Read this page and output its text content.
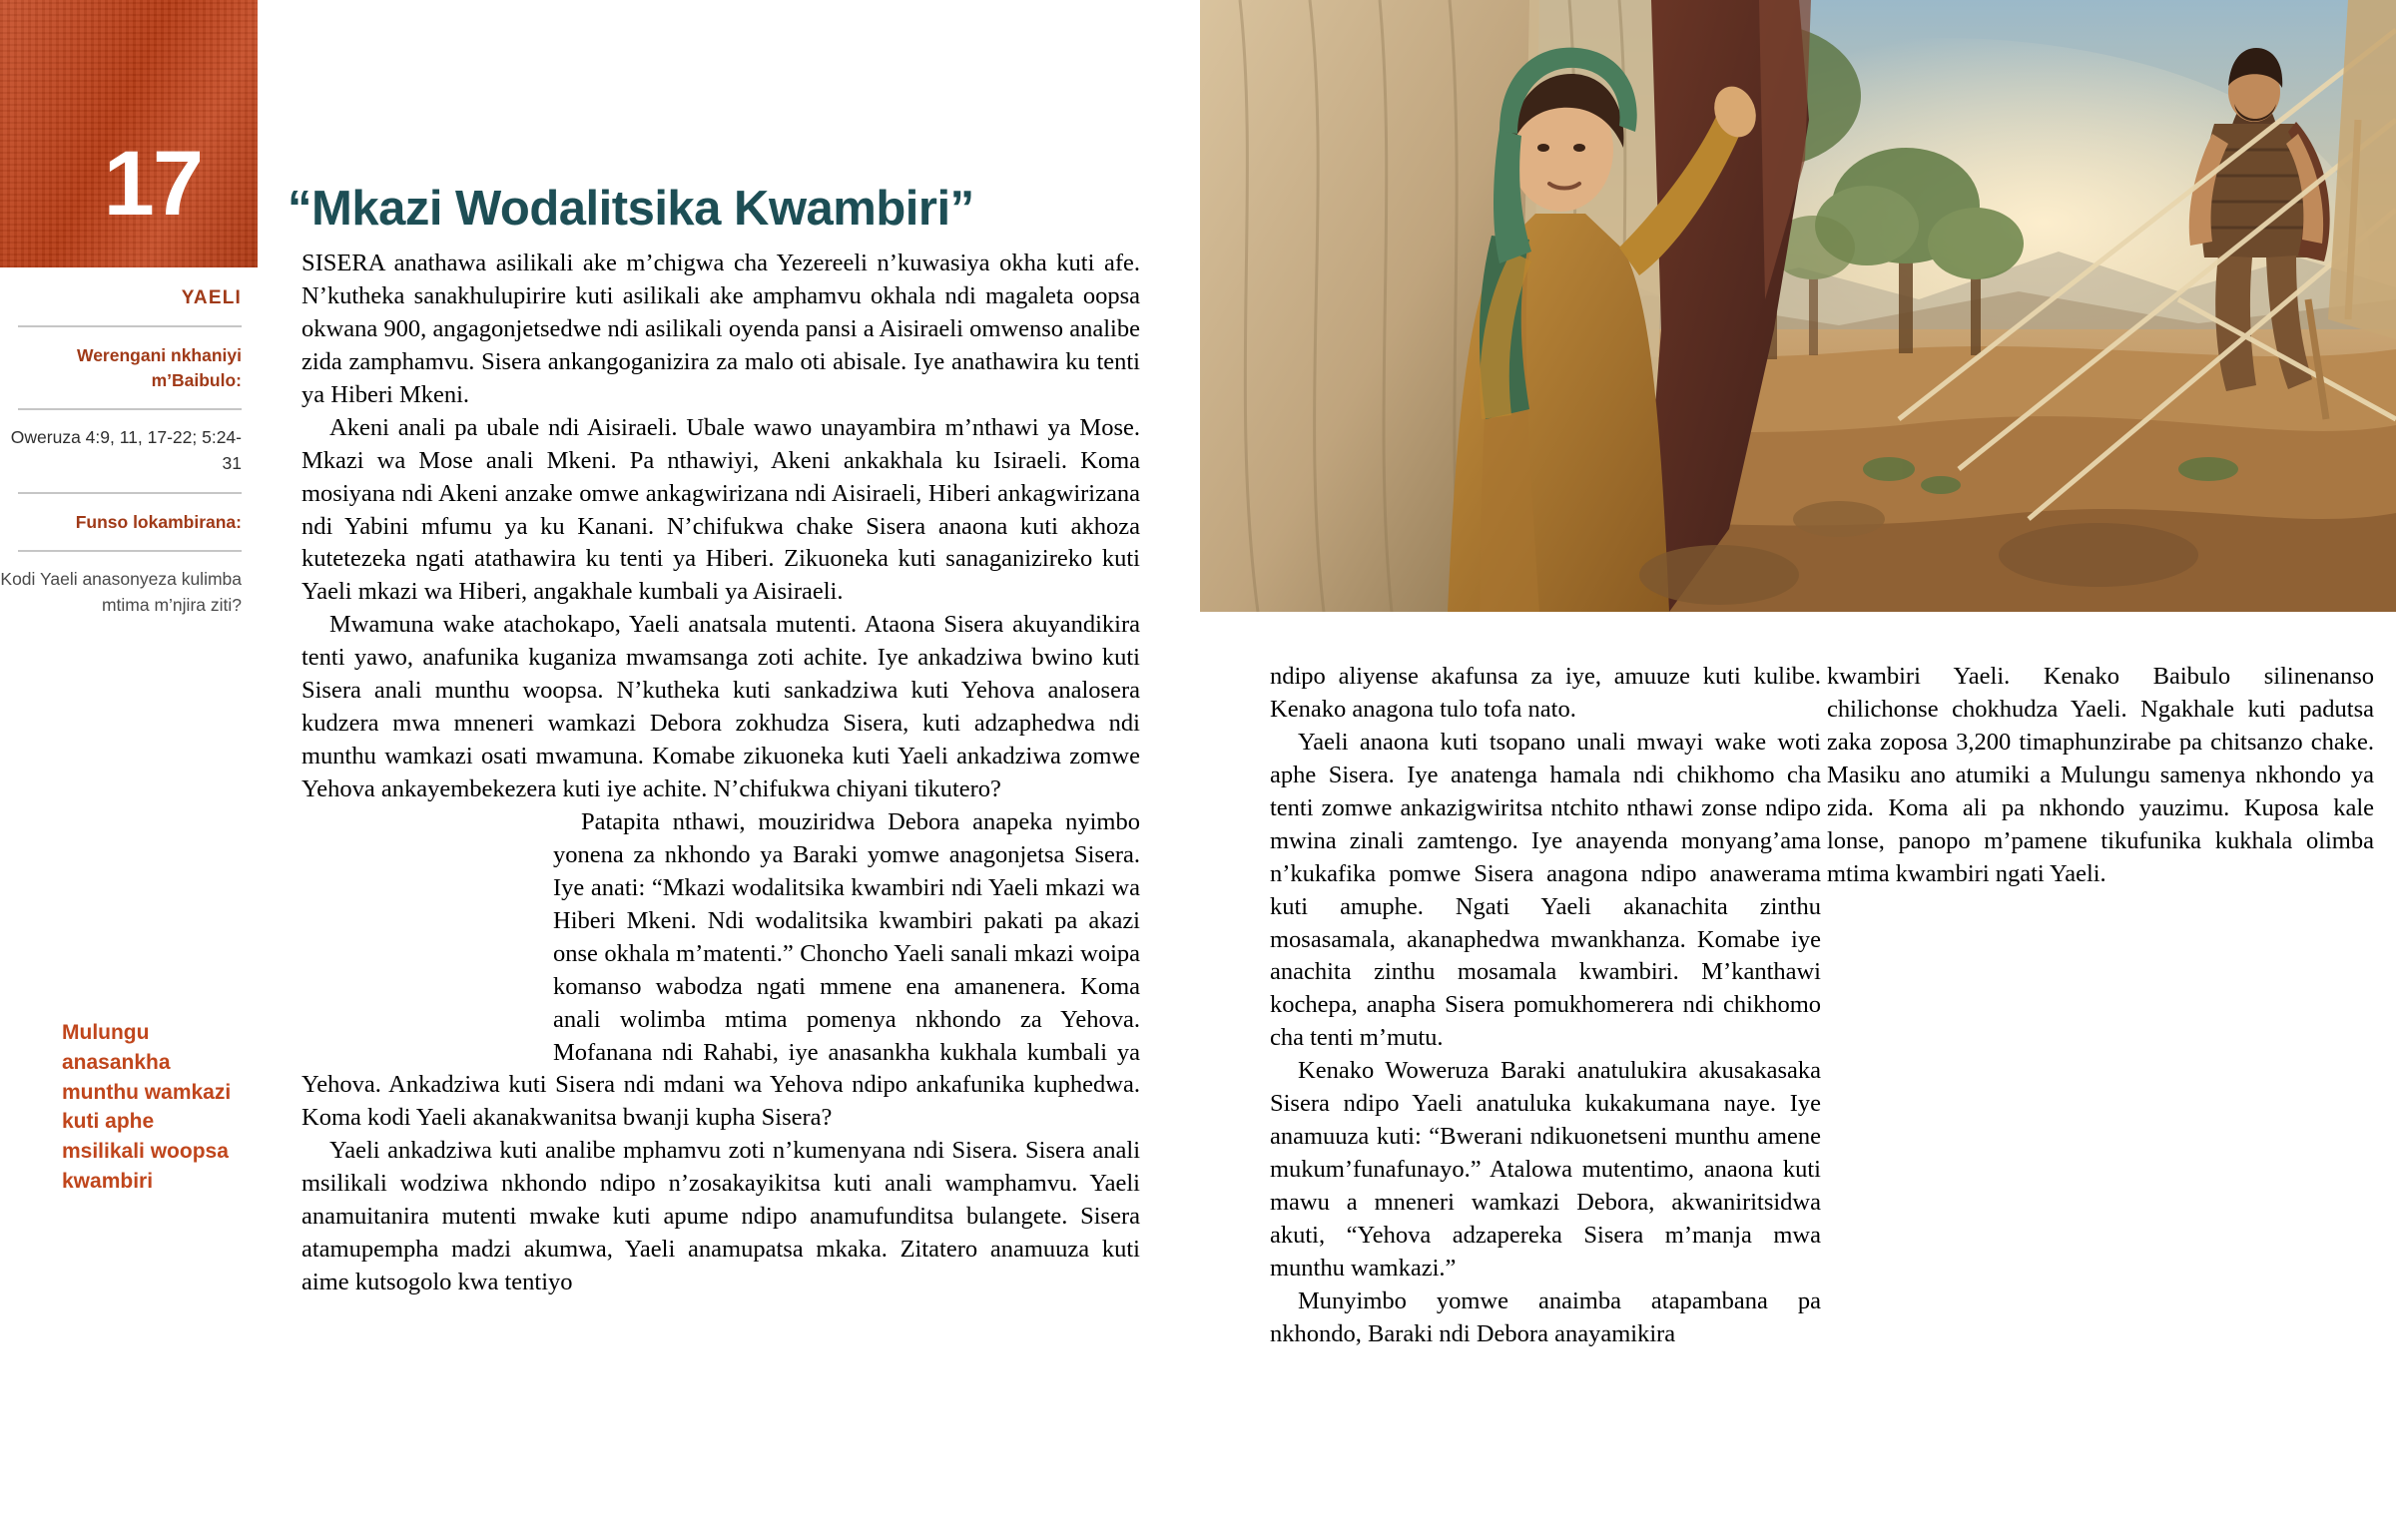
17
YAELI
Werengani nkhaniyi m’Baibulo:
Oweruza 4:9, 11, 17-22; 5:24-31
Funso lokambirana:
Kodi Yaeli anasonyeza kulimba mtima m’njira ziti?
Mulungu anasankha munthu wamkazi kuti aphe msilikali woopsa kwambiri
“Mkazi Wodalitsika Kwambiri”

SISERA anathawa asilikali ake m’chigwa cha Yezereeli n’kuwasiya okha kuti afe. N’kutheka sanakhulupirire kuti asilikali ake amphamvu okhala ndi magaleta oopsa okwana 900, angagonjetsedwe ndi asilikali oyenda pansi a Aisiraeli omwenso analibe zida zamphamvu. Sisera ankangoganizira za malo oti abisale. Iye anathawira ku tenti ya Hiberi Mkeni.

Akeni anali pa ubale ndi Aisiraeli. Ubale wawo unayambira m’nthawi ya Mose. Mkazi wa Mose anali Mkeni. Pa nthawiyi, Akeni ankakhala ku Isiraeli. Koma mosiyana ndi Akeni anzake omwe ankagwirizana ndi Aisiraeli, Hiberi ankagwirizana ndi Yabini mfumu ya ku Kanani. N’chifukwa chake Sisera anaona kuti akhoza kutetezeka ngati atathawira ku tenti ya Hiberi. Zikuoneka kuti sanaganizireko kuti Yaeli mkazi wa Hiberi, angakhale kumbali ya Aisiraeli.

Mwamuna wake atachokapo, Yaeli anatsala mutenti. Ataona Sisera akuyandikira tenti yawo, anafunika kuganiza mwamsanga zoti achite. Iye ankadziwa bwino kuti Sisera anali munthu woopsa. N’kutheka kuti sankadziwa kuti Yehova analosera kudzera mwa mneneri wamkazi Debora zokhudza Sisera, kuti adzaphedwa ndi munthu wamkazi osati mwamuna. Komabe zikuoneka kuti Yaeli ankadziwa zomwe Yehova ankayembekezera kuti iye achite. N’chifukwa chiyani tikutero?

Patapita nthawi, mouziridwa Debora anapeka nyimbo yonena za nkhondo ya Baraki yomwe anagonjetsa Sisera. Iye anati: “Mkazi wodalitsika kwambiri ndi Yaeli mkazi wa Hiberi Mkeni. Ndi wodalitsika kwambiri pakati pa akazi onse okhala m’matenti.” Choncho Yaeli sanali mkazi woipa komanso wabodza ngati mmene ena amanenera. Koma anali wolimba mtima pomenya nkhondo za Yehova. Mofanana ndi Rahabi, iye anasankha kukhala kumbali ya Yehova. Ankadziwa kuti Sisera ndi mdani wa Yehova ndipo ankafunika kuphedwa. Koma kodi Yaeli akanakwanitsa bwanji kupha Sisera?

Yaeli ankadziwa kuti analibe mphamvu zoti n’kumenyana ndi Sisera. Sisera anali msilikali wodziwa nkhondo ndipo n’zosakayikitsa kuti anali wamphamvu. Yaeli anamuitanira mutenti mwake kuti apume ndipo anamufunditsa bulangete. Sisera atamupempha madzi akumwa, Yaeli anamupatsa mkaka. Zitatero anamuuza kuti aime kutsogolo kwa tentiyo

ndipo aliyense akafunsa za iye, amuuze kuti kulibe. Kenako anagona tulo tofa nato.

Yaeli anaona kuti tsopano unali mwayi wake woti aphe Sisera. Iye anatenga hamala ndi chikhomo cha tenti zomwe ankazigwiritsa ntchito nthawi zonse ndipo mwina zinali zamtengo. Iye anayenda monyang’ama n’kukafika pomwe Sisera anagona ndipo anawerama kuti amuphe. Ngati Yaeli akanachita zinthu mosasamala, akanaphedwa mwankhanza. Komabe iye anachita zinthu mosamala kwambiri. M’kanthawi kochepa, anapha Sisera pomukhomerera ndi chikhomo cha tenti m’mutu.

Kenako Woweruza Baraki anatulukira akusakasaka Sisera ndipo Yaeli anatuluka kukakumana naye. Iye anamuuza kuti: “Bwerani ndikuonetseni munthu amene mukum’funafunayo.” Atalowa mutentimo, anaona kuti mawu a mneneri wamkazi Debora, akwaniritsidwa akuti, “Yehova adzapereka Sisera m’manja mwa munthu wamkazi.”

Munyimbo yomwe anaimba atapambana pa nkhondo, Baraki ndi Debora anayamikira

kwambiri Yaeli. Kenako Baibulo silinenanso chilichonse chokhudza Yaeli. Ngakhale kuti padutsa zaka zoposa 3,200 timaphunzirabe pa chitsanzo chake. Masiku ano atumiki a Mulungu samenya nkhondo ya zida. Koma ali pa nkhondo yauzimu. Kuposa kale lonse, panopo m’pamene tikufunika kukhala olimba mtima kwambiri ngati Yaeli.
